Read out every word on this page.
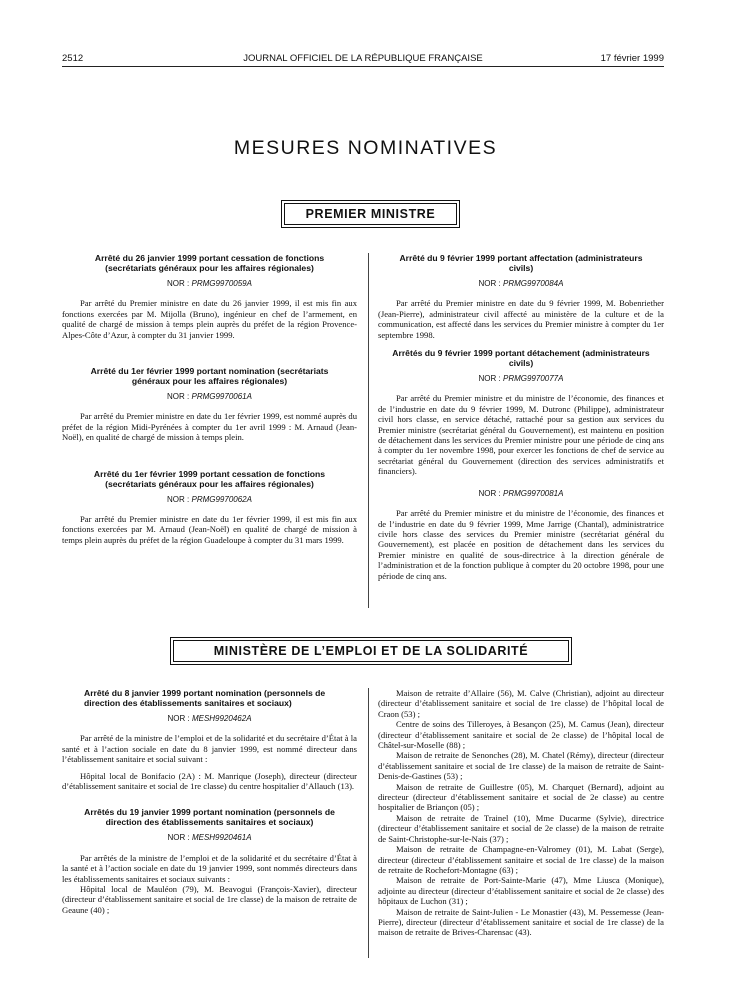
2512	JOURNAL OFFICIEL DE LA RÉPUBLIQUE FRANÇAISE	17 février 1999
MESURES NOMINATIVES
PREMIER MINISTRE
Arrêté du 26 janvier 1999 portant cessation de fonctions (secrétariats généraux pour les affaires régionales)
NOR : PRMG9970059A

Par arrêté du Premier ministre en date du 26 janvier 1999, il est mis fin aux fonctions exercées par M. Mijolla (Bruno), ingénieur en chef de l’armement, en qualité de chargé de mission à temps plein auprès du préfet de la région Provence-Alpes-Côte d’Azur, à compter du 31 janvier 1999.

Arrêté du 1er février 1999 portant nomination (secrétariats généraux pour les affaires régionales)
NOR : PRMG9970061A

Par arrêté du Premier ministre en date du 1er février 1999, est nommé auprès du préfet de la région Midi-Pyrénées à compter du 1er avril 1999 : M. Arnaud (Jean-Noël), en qualité de chargé de mission à temps plein.

Arrêté du 1er février 1999 portant cessation de fonctions (secrétariats généraux pour les affaires régionales)
NOR : PRMG9970062A

Par arrêté du Premier ministre en date du 1er février 1999, il est mis fin aux fonctions exercées par M. Arnaud (Jean-Noël) en qualité de chargé de mission à temps plein auprès du préfet de la région Guadeloupe à compter du 31 mars 1999.

Arrêté du 9 février 1999 portant affectation (administrateurs civils)
NOR : PRMG9970084A

Par arrêté du Premier ministre en date du 9 février 1999, M. Bobenriether (Jean-Pierre), administrateur civil affecté au ministère de la culture et de la communication, est affecté dans les services du Premier ministre à compter du 1er septembre 1998.

Arrêtés du 9 février 1999 portant détachement (administrateurs civils)
NOR : PRMG9970077A

Par arrêté du Premier ministre et du ministre de l’économie, des finances et de l’industrie en date du 9 février 1999, M. Dutronc (Philippe), administrateur civil hors classe, en service détaché, rattaché pour sa gestion aux services du Premier ministre (secrétariat général du Gouvernement), est maintenu en position de détachement dans les services du Premier ministre pour une période de cinq ans à compter du 1er novembre 1998, pour exercer les fonctions de chef de service au secrétariat général du Gouvernement (direction des services administratifs et financiers).

NOR : PRMG9970081A

Par arrêté du Premier ministre et du ministre de l’économie, des finances et de l’industrie en date du 9 février 1999, Mme Jarrige (Chantal), administratrice civile hors classe des services du Premier ministre (secrétariat général du Gouvernement), est placée en position de détachement dans les services du Premier ministre en qualité de sous-directrice à la direction générale de l’administration et de la fonction publique à compter du 20 octobre 1998, pour une période de cinq ans.

MINISTÈRE DE L’EMPLOI ET DE LA SOLIDARITÉ
Arrêté du 8 janvier 1999 portant nomination (personnels de direction des établissements sanitaires et sociaux)
NOR : MESH9920462A

Par arrêté de la ministre de l’emploi et de la solidarité et du secrétaire d’État à la santé et à l’action sociale en date du 8 janvier 1999, est nommé directeur dans l’établissement sanitaire et social suivant :

Hôpital local de Bonifacio (2A) : M. Manrique (Joseph), directeur (directeur d’établissement sanitaire et social de 1re classe) du centre hospitalier d’Allauch (13).

Arrêtés du 19 janvier 1999 portant nomination (personnels de direction des établissements sanitaires et sociaux)
NOR : MESH9920461A

Par arrêtés de la ministre de l’emploi et de la solidarité et du secrétaire d’État à la santé et à l’action sociale en date du 19 janvier 1999, sont nommés directeurs dans les établissements sanitaires et sociaux suivants :

Hôpital local de Mauléon (79), M. Beavogui (François-Xavier), directeur (directeur d’établissement sanitaire et social de 1re classe) de la maison de retraite de Geaune (40) ;

Maison de retraite d’Allaire (56), M. Calve (Christian), adjoint au directeur (directeur d’établissement sanitaire et social de 1re classe) de l’hôpital local de Craon (53) ;

Centre de soins des Tilleroyes, à Besançon (25), M. Camus (Jean), directeur (directeur d’établissement sanitaire et social de 2e classe) de l’hôpital local de Châtel-sur-Moselle (88) ;

Maison de retraite de Senonches (28), M. Chatel (Rémy), directeur (directeur d’établissement sanitaire et social de 1re classe) de la maison de retraite de Saint-Denis-de-Gastines (53) ;

Maison de retraite de Guillestre (05), M. Charquet (Bernard), adjoint au directeur (directeur d’établissement sanitaire et social de 2e classe) au centre hospitalier de Briançon (05) ;

Maison de retraite de Trainel (10), Mme Ducarme (Sylvie), directrice (directeur d’établissement sanitaire et social de 2e classe) de la maison de retraite de Saint-Christophe-sur-le-Nais (37) ;

Maison de retraite de Champagne-en-Valromey (01), M. Labat (Serge), directeur (directeur d’établissement sanitaire et social de 1re classe) de la maison de retraite de Rochefort-Montagne (63) ;

Maison de retraite de Port-Sainte-Marie (47), Mme Liusca (Monique), adjointe au directeur (directeur d’établissement sanitaire et social de 2e classe) des hôpitaux de Luchon (31) ;

Maison de retraite de Saint-Julien - Le Monastier (43), M. Pessemesse (Jean-Pierre), directeur (directeur d’établissement sanitaire et social de 1re classe) de la maison de retraite de Brives-Charensac (43).
